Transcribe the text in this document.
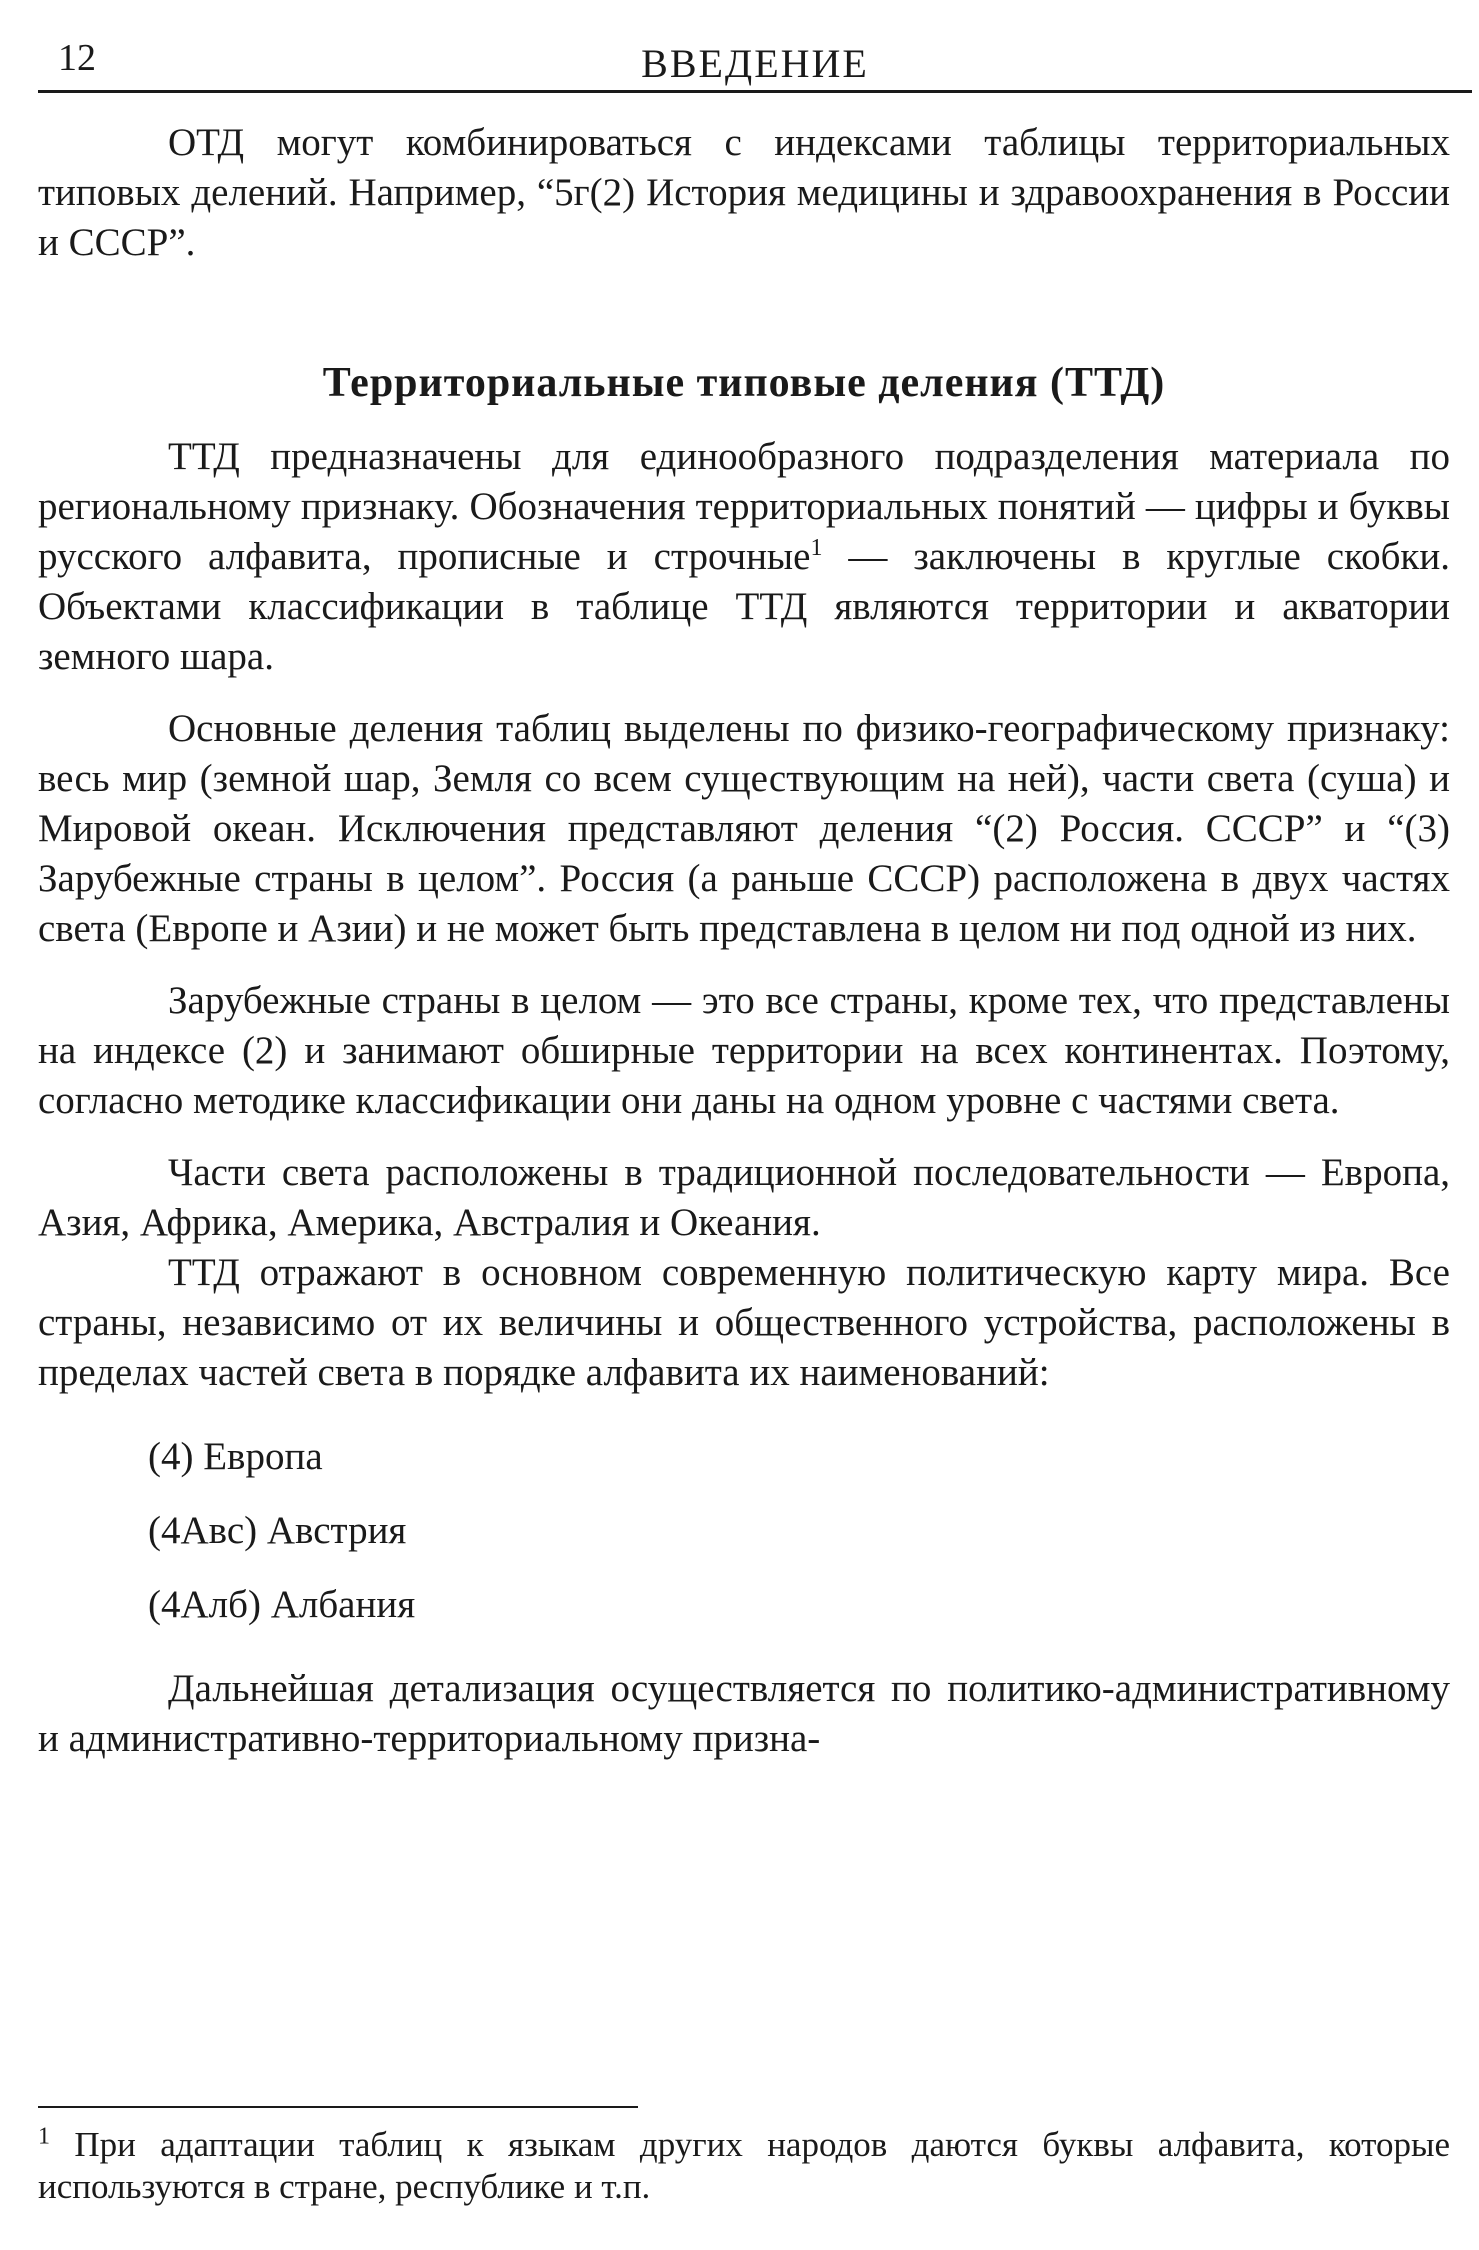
12	ВВЕДЕНИЕ

ОТД могут комбинироваться с индексами таблицы территориальных типовых делений. Например, “5г(2) История медицины и здравоохранения в России и СССР”.

Территориальные типовые деления (ТТД)

ТТД предназначены для единообразного подразделения материала по региональному признаку. Обозначения территориальных понятий — цифры и буквы русского алфавита, прописные и строчные$^1$ — заключены в круглые скобки. Объектами классификации в таблице ТТД являются территории и акватории земного шара.

Основные деления таблиц выделены по физико-географическому признаку: весь мир (земной шар, Земля со всем существующим на ней), части света (суша) и Мировой океан. Исключения представляют деления “(2) Россия. СССР” и “(3) Зарубежные страны в целом”. Россия (а раньше СССР) расположена в двух частях света (Европе и Азии) и не может быть представлена в целом ни под одной из них.

Зарубежные страны в целом — это все страны, кроме тех, что представлены на индексе (2) и занимают обширные территории на всех континентах. Поэтому, согласно методике классификации они даны на одном уровне с частями света.

Части света расположены в традиционной последовательности — Европа, Азия, Африка, Америка, Австралия и Океания.

ТТД отражают в основном современную политическую карту мира. Все страны, независимо от их величины и общественного устройства, расположены в пределах частей света в порядке алфавита их наименований:

(4) Европа

(4Авс) Австрия

(4Алб) Албания

Дальнейшая детализация осуществляется по политико-административному и административно-территориальному призна-

$^1$ При адаптации таблиц к языкам других народов даются буквы алфавита, которые используются в стране, республике и т.п.
